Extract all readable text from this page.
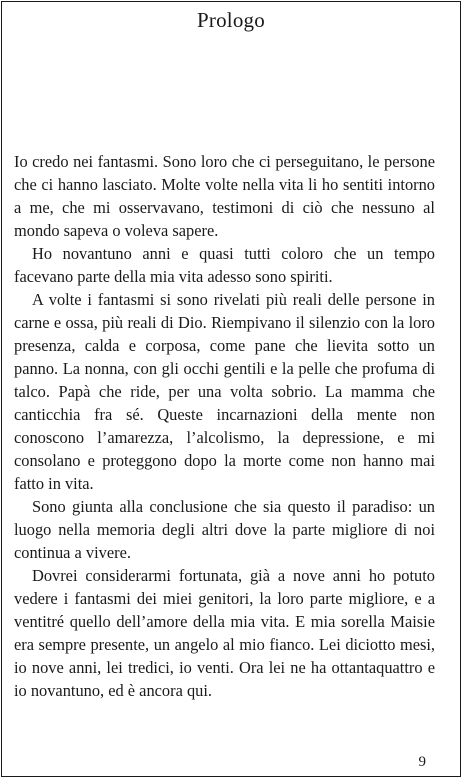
Prologo

Io credo nei fantasmi. Sono loro che ci perseguitano, le persone che ci hanno lasciato. Molte volte nella vita li ho sentiti intorno a me, che mi osservavano, testimoni di ciò che nessuno al mondo sapeva o voleva sapere.

Ho novantuno anni e quasi tutti coloro che un tempo facevano parte della mia vita adesso sono spiriti.

A volte i fantasmi si sono rivelati più reali delle persone in carne e ossa, più reali di Dio. Riempivano il silenzio con la loro presenza, calda e corposa, come pane che lievita sotto un panno. La nonna, con gli occhi gentili e la pelle che profuma di talco. Papà che ride, per una volta sobrio. La mamma che canticchia fra sé. Queste incarnazioni della mente non conoscono l’amarezza, l’alcolismo, la depressione, e mi consolano e proteggono dopo la morte come non hanno mai fatto in vita.

Sono giunta alla conclusione che sia questo il paradiso: un luogo nella memoria degli altri dove la parte migliore di noi continua a vivere.

Dovrei considerarmi fortunata, già a nove anni ho potuto vedere i fantasmi dei miei genitori, la loro parte migliore, e a ventitré quello dell’amore della mia vita. E mia sorella Maisie era sempre presente, un angelo al mio fianco. Lei diciotto mesi, io nove anni, lei tredici, io venti. Ora lei ne ha ottantaquattro e io novantuno, ed è ancora qui.

9
